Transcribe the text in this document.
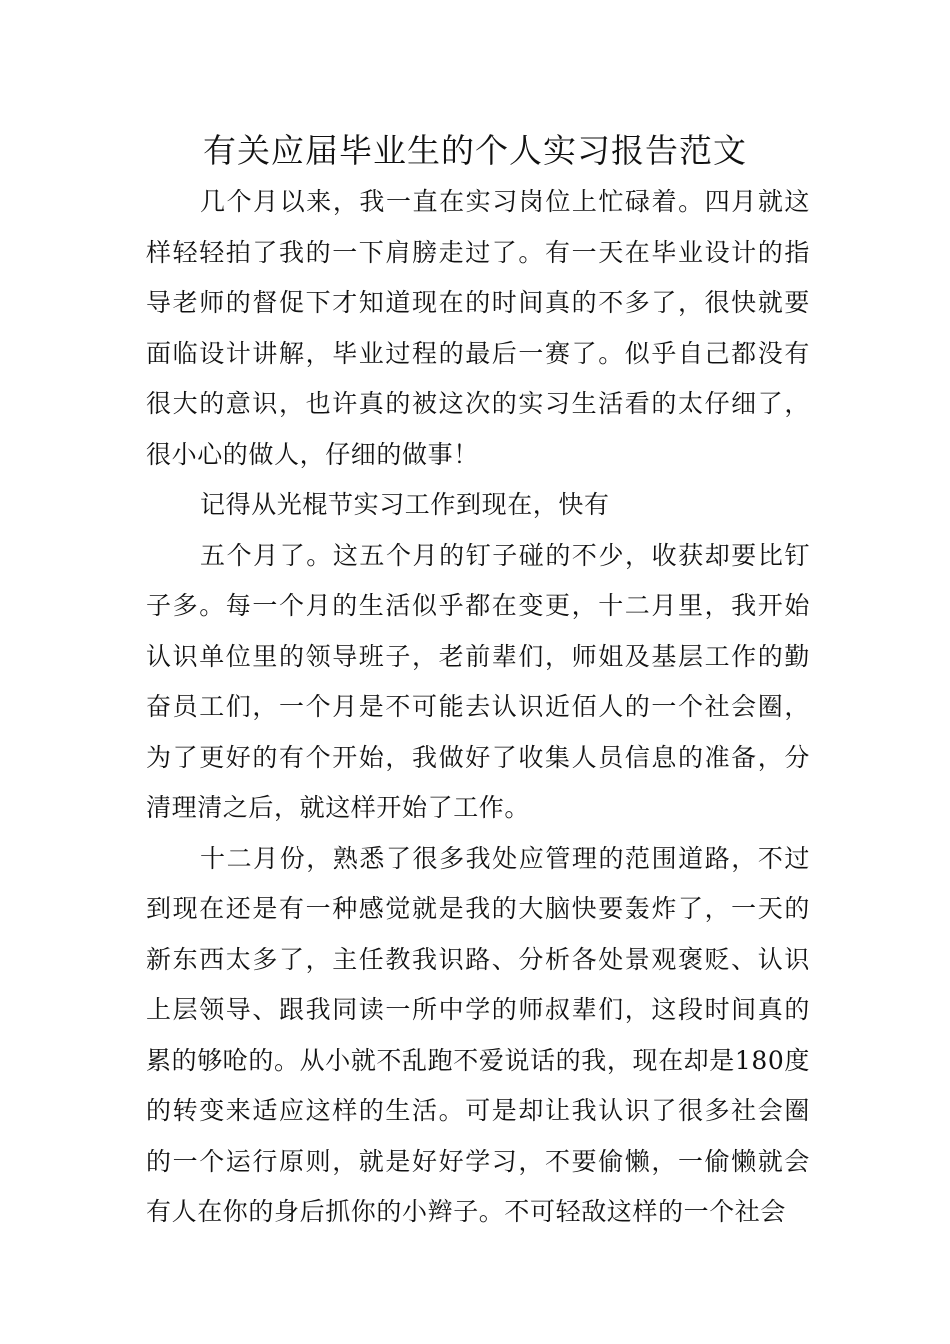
有关应届毕业生的个人实习报告范文

几个月以来，我一直在实习岗位上忙碌着。四月就这样轻轻拍了我的一下肩膀走过了。有一天在毕业设计的指导老师的督促下才知道现在的时间真的不多了，很快就要面临设计讲解，毕业过程的最后一赛了。似乎自己都没有很大的意识，也许真的被这次的实习生活看的太仔细了，很小心的做人，仔细的做事！

记得从光棍节实习工作到现在，快有

五个月了。这五个月的钉子碰的不少，收获却要比钉子多。每一个月的生活似乎都在变更，十二月里，我开始认识单位里的领导班子，老前辈们，师姐及基层工作的勤奋员工们，一个月是不可能去认识近佰人的一个社会圈，为了更好的有个开始，我做好了收集人员信息的准备，分清理清之后，就这样开始了工作。

十二月份，熟悉了很多我处应管理的范围道路，不过到现在还是有一种感觉就是我的大脑快要轰炸了，一天的新东西太多了，主任教我识路、分析各处景观褒贬、认识上层领导、跟我同读一所中学的师叔辈们，这段时间真的累的够呛的。从小就不乱跑不爱说话的我，现在却是180度的转变来适应这样的生活。可是却让我认识了很多社会圈的一个运行原则，就是好好学习，不要偷懒，一偷懒就会有人在你的身后抓你的小辫子。不可轻敌这样的一个社会
